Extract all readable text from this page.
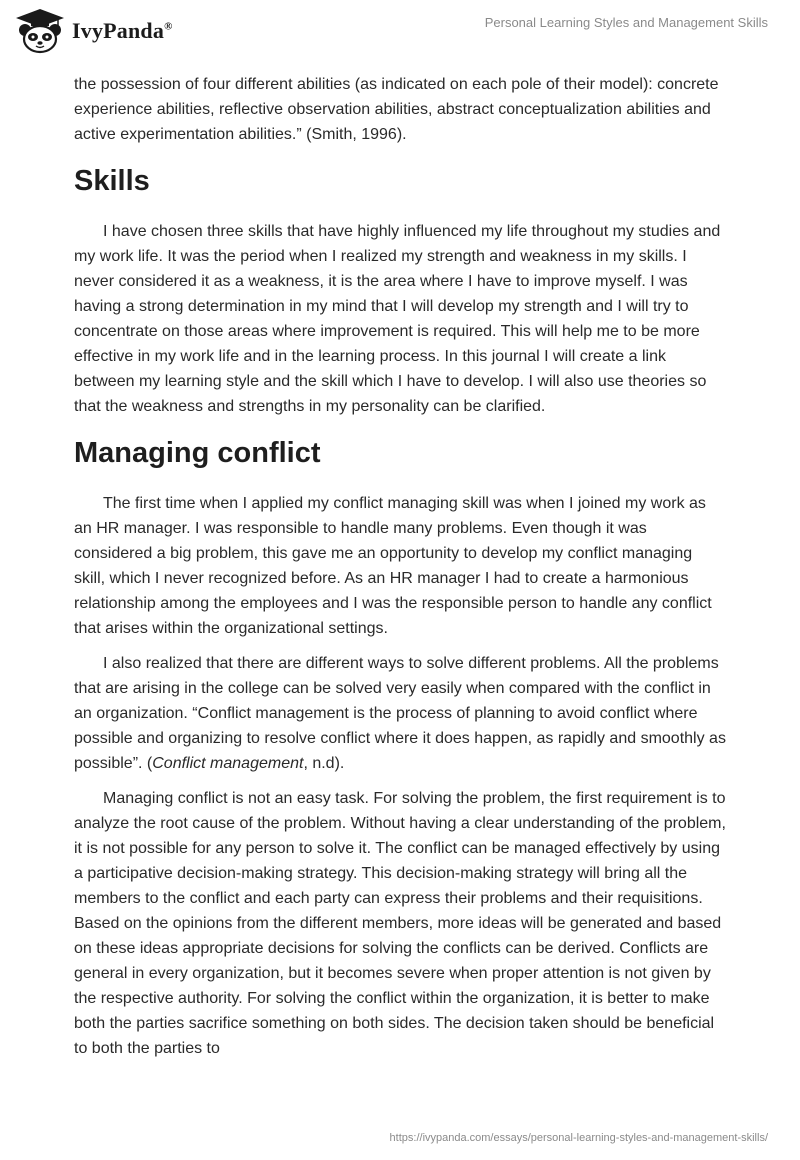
IvyPanda®	Personal Learning Styles and Management Skills

the possession of four different abilities (as indicated on each pole of their model): concrete experience abilities, reflective observation abilities, abstract conceptualization abilities and active experimentation abilities.” (Smith, 1996).

Skills

I have chosen three skills that have highly influenced my life throughout my studies and my work life. It was the period when I realized my strength and weakness in my skills. I never considered it as a weakness, it is the area where I have to improve myself. I was having a strong determination in my mind that I will develop my strength and I will try to concentrate on those areas where improvement is required. This will help me to be more effective in my work life and in the learning process. In this journal I will create a link between my learning style and the skill which I have to develop. I will also use theories so that the weakness and strengths in my personality can be clarified.

Managing conflict

The first time when I applied my conflict managing skill was when I joined my work as an HR manager. I was responsible to handle many problems. Even though it was considered a big problem, this gave me an opportunity to develop my conflict managing skill, which I never recognized before. As an HR manager I had to create a harmonious relationship among the employees and I was the responsible person to handle any conflict that arises within the organizational settings.

I also realized that there are different ways to solve different problems. All the problems that are arising in the college can be solved very easily when compared with the conflict in an organization. “Conflict management is the process of planning to avoid conflict where possible and organizing to resolve conflict where it does happen, as rapidly and smoothly as possible”. (Conflict management, n.d).

Managing conflict is not an easy task. For solving the problem, the first requirement is to analyze the root cause of the problem. Without having a clear understanding of the problem, it is not possible for any person to solve it. The conflict can be managed effectively by using a participative decision-making strategy. This decision-making strategy will bring all the members to the conflict and each party can express their problems and their requisitions. Based on the opinions from the different members, more ideas will be generated and based on these ideas appropriate decisions for solving the conflicts can be derived. Conflicts are general in every organization, but it becomes severe when proper attention is not given by the respective authority. For solving the conflict within the organization, it is better to make both the parties sacrifice something on both sides. The decision taken should be beneficial to both the parties to

https://ivypanda.com/essays/personal-learning-styles-and-management-skills/
